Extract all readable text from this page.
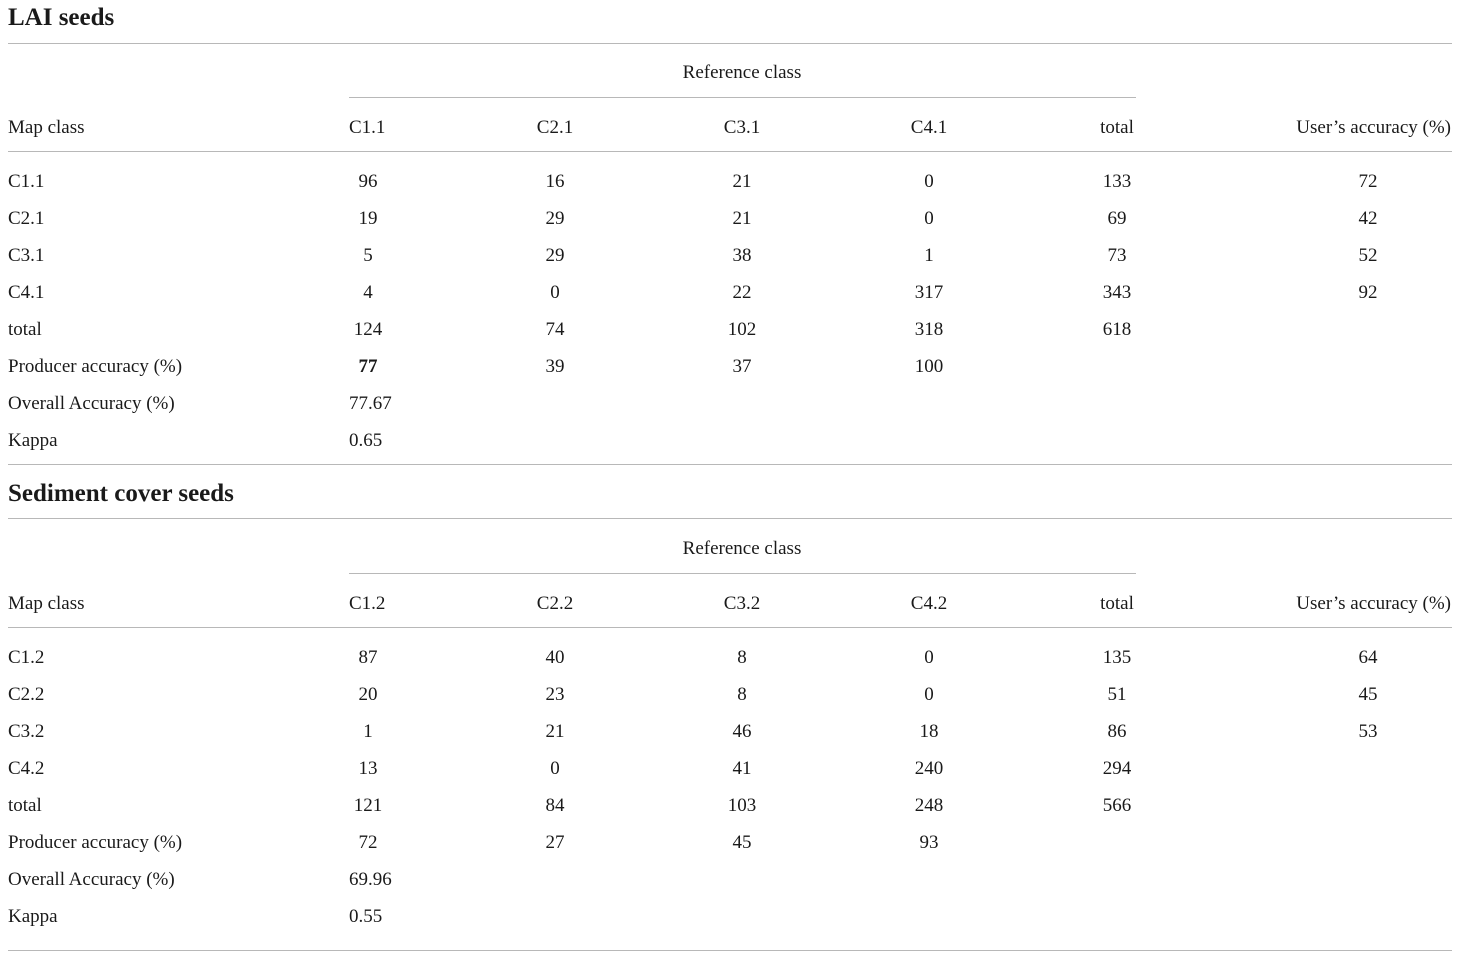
LAI seeds
Reference class
Map class	C1.1	C2.1	C3.1	C4.1	total	User’s accuracy (%)
C1.1	96	16	21	0	133	72
C2.1	19	29	21	0	69	42
C3.1	5	29	38	1	73	52
C4.1	4	0	22	317	343	92
total	124	74	102	318	618
Producer accuracy (%)	77	39	37	100
Overall Accuracy (%)	77.67
Kappa	0.65
Sediment cover seeds
Reference class
Map class	C1.2	C2.2	C3.2	C4.2	total	User’s accuracy (%)
C1.2	87	40	8	0	135	64
C2.2	20	23	8	0	51	45
C3.2	1	21	46	18	86	53
C4.2	13	0	41	240	294
total	121	84	103	248	566
Producer accuracy (%)	72	27	45	93
Overall Accuracy (%)	69.96
Kappa	0.55
